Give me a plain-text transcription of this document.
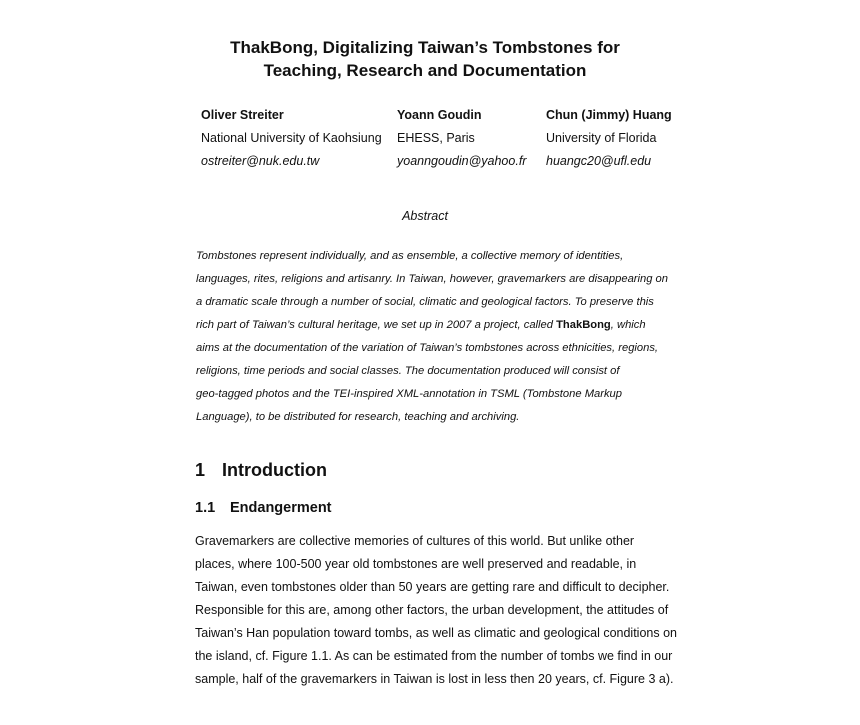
ThakBong, Digitalizing Taiwan’s Tombstones for
Teaching, Research and Documentation
Oliver Streiter
National University of Kaohsiung
ostreiter@nuk.edu.tw
Yoann Goudin
EHESS, Paris
yoanngoudin@yahoo.fr
Chun (Jimmy) Huang
University of Florida
huangc20@ufl.edu
Abstract
Tombstones represent individually, and as ensemble, a collective memory of identities,
languages, rites, religions and artisanry. In Taiwan, however, gravemarkers are disappearing on
a dramatic scale through a number of social, climatic and geological factors. To preserve this
rich part of Taiwan’s cultural heritage, we set up in 2007 a project, called ThakBong, which
aims at the documentation of the variation of Taiwan’s tombstones across ethnicities, regions,
religions, time periods and social classes. The documentation produced will consist of
geo-tagged photos and the TEI-inspired XML-annotation in TSML (Tombstone Markup
Language), to be distributed for research, teaching and archiving.
1 Introduction
1.1 Endangerment
Gravemarkers are collective memories of cultures of this world. But unlike other
places, where 100-500 year old tombstones are well preserved and readable, in
Taiwan, even tombstones older than 50 years are getting rare and difficult to decipher.
Responsible for this are, among other factors, the urban development, the attitudes of
Taiwan’s Han population toward tombs, as well as climatic and geological conditions on
the island, cf. Figure 1.1. As can be estimated from the number of tombs we find in our
sample, half of the gravemarkers in Taiwan is lost in less then 20 years, cf. Figure 3 a).
